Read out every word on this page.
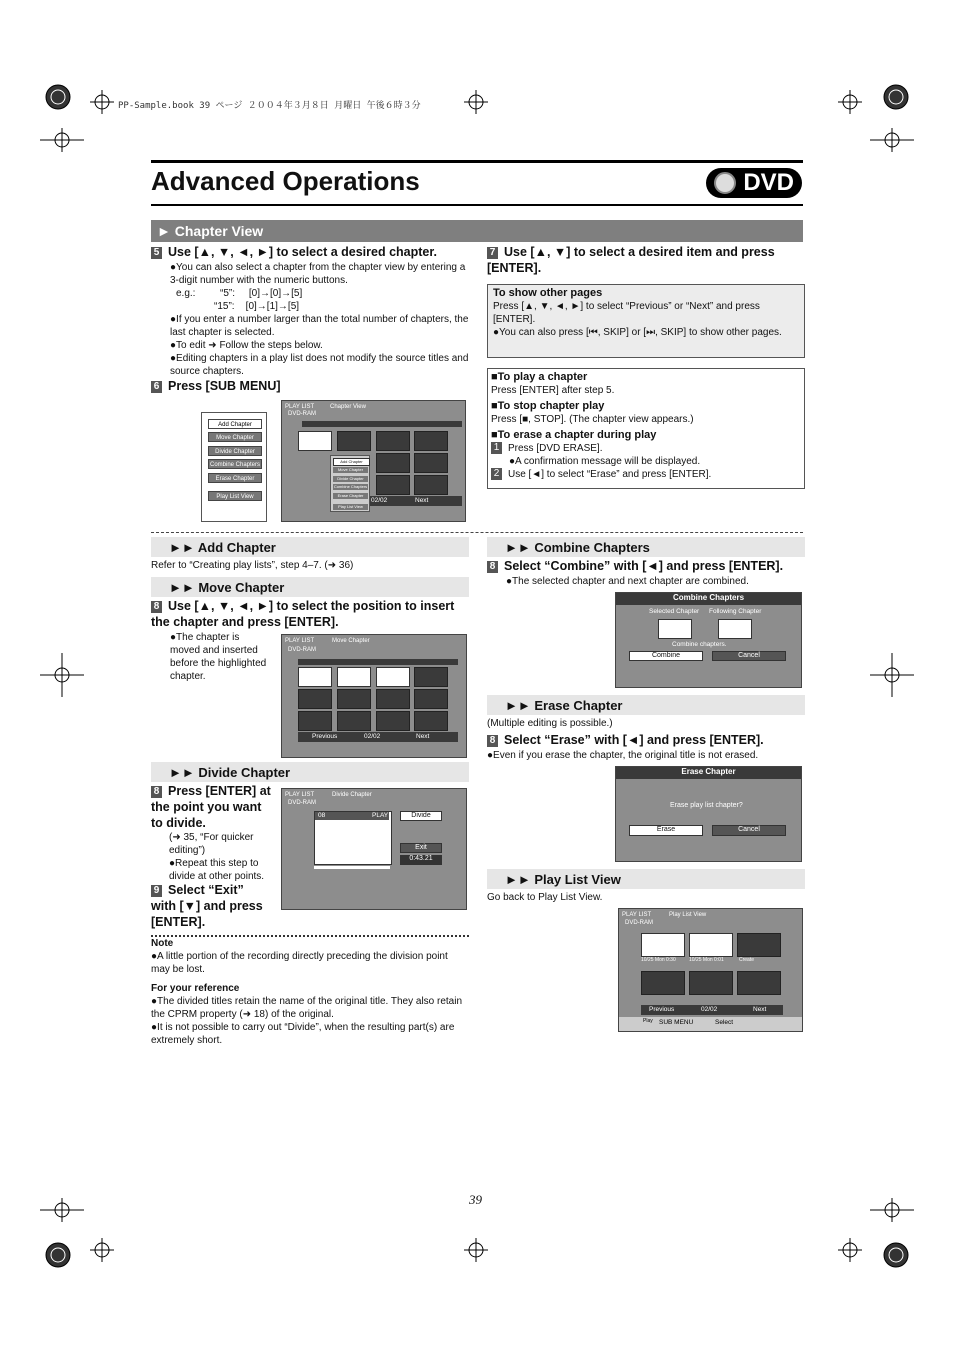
PP-Sample.book 39 ページ ２００４年３月８日 月曜日 午後６時３分
Advanced Operations	DVD
► Chapter View
5 Use [▲, ▼, ◄, ►] to select a desired chapter.
●You can also select a chapter from the chapter view by entering a 3-digit number with the numeric buttons.
e.g.: “5”:     [0]→[0]→[5]
“15”:    [0]→[1]→[5]
●If you enter a number larger than the total number of chapters, the last chapter is selected.
●To edit ➜ Follow the steps below.
●Editing chapters in a play list does not modify the source titles and source chapters.
6 Press [SUB MENU]
Add Chapter
Move Chapter
Divide Chapter
Combine Chapters
Erase Chapter
Play List View
PLAY LIST	Chapter View
DVD-RAM
02/02	Next
Add Chapter
Move Chapter
Divide Chapter
Combine Chapters
Erase Chapter
Play List View
7 Use [▲, ▼] to select a desired item and press [ENTER].
To show other pages
Press [▲, ▼, ◄, ►] to select “Previous” or “Next” and press [ENTER].
●You can also press [⏮, SKIP] or [⏭, SKIP] to show other pages.
■To play a chapter
Press [ENTER] after step 5.
■To stop chapter play
Press [■, STOP]. (The chapter view appears.)
■To erase a chapter during play
1 Press [DVD ERASE].
●A confirmation message will be displayed.
2 Use [◄] to select “Erase” and press [ENTER].
►► Add Chapter
Refer to “Creating play lists”, step 4–7. (➜ 36)
►► Move Chapter
8 Use [▲, ▼, ◄, ►] to select the position to insert the chapter and press [ENTER].
●The chapter is moved and inserted before the highlighted chapter.
PLAY LIST	Move Chapter
DVD-RAM
Previous	02/02	Next
►► Divide Chapter
8 Press [ENTER] at the point you want to divide.
(➜ 35, “For quicker editing”)
●Repeat this step to divide at other points.
9 Select “Exit” with [▼] and press [ENTER].
PLAY LIST	Divide Chapter
DVD-RAM
08	PLAY	Divide
Exit
0:43.21
Note
●A little portion of the recording directly preceding the division point may be lost.
For your reference
●The divided titles retain the name of the original title. They also retain the CPRM property (➜ 18) of the original.
●It is not possible to carry out “Divide”, when the resulting part(s) are extremely short.
►► Combine Chapters
8 Select “Combine” with [◄] and press [ENTER].
●The selected chapter and next chapter are combined.
Combine Chapters
Selected Chapter Following Chapter
Combine chapters.
Combine	Cancel
►► Erase Chapter
(Multiple editing is possible.)
8 Select “Erase” with [◄] and press [ENTER].
●Even if you erase the chapter, the original title is not erased.
Erase Chapter
Erase play list chapter?
Erase	Cancel
►► Play List View
Go back to Play List View.
PLAY LIST	Play List View
DVD-RAM
10/25 Mon 0:30	10/25 Mon 0:01	Create
Previous	02/02	Next
Play SUB MENU	Select
39
